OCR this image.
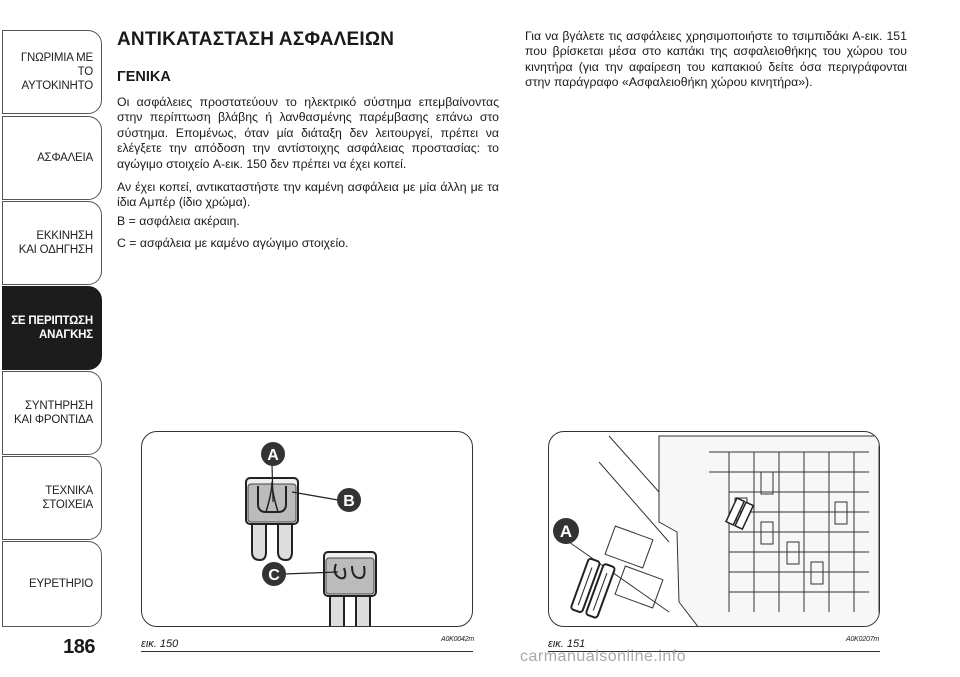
ΓΝΩΡΙΜΙΑ ΜΕ ΤΟ
ΑΥΤΟΚΙΝΗΤΟ
ΑΣΦΑΛΕΙΑ
ΕΚΚΙΝΗΣΗ
ΚΑΙ ΟΔΗΓΗΣΗ
ΣΕ ΠΕΡΙΠΤΩΣΗ
ΑΝΑΓΚΗΣ
ΣΥΝΤΗΡΗΣΗ
ΚΑΙ ΦΡΟΝΤΙΔΑ
ΤΕΧΝΙΚΑ
ΣΤΟΙΧΕΙΑ
ΕΥΡΕΤΗΡΙΟ
186
ΑΝΤΙΚΑΤΑΣΤΑΣΗ ΑΣΦΑΛΕΙΩΝ
ΓΕΝΙΚΑ

Οι ασφάλειες προστατεύουν το ηλεκτρικό σύστημα επεμβαίνοντας στην περίπτωση βλάβης ή λανθασμένης παρέμβασης επάνω στο σύστημα. Επομένως, όταν μία διάταξη δεν λειτουργεί, πρέπει να ελέγξετε την απόδοση την αντίστοιχης ασφάλειας προστασίας: το αγώγιμο στοιχείο A-εικ. 150 δεν πρέπει να έχει κοπεί.

Αν έχει κοπεί, αντικαταστήστε την καμένη ασφάλεια με μία άλλη με τα ίδια Αμπέρ (ίδιο χρώμα).

B = ασφάλεια ακέραιη.

C = ασφάλεια με καμένο αγώγιμο στοιχείο.

Για να βγάλετε τις ασφάλειες χρησιμοποιήστε το τσιμπιδάκι A-εικ. 151 που βρίσκεται μέσα στο καπάκι της ασφαλειοθήκης του χώρου του κινητήρα (για την αφαίρεση του καπακιού δείτε όσα περιγράφονται στην παράγραφο «Ασφαλειοθήκη χώρου κινητήρα»).

A
B
C
A
εικ. 150	A0K0042m	εικ. 151	A0K0207m
carmanualsonline.info
